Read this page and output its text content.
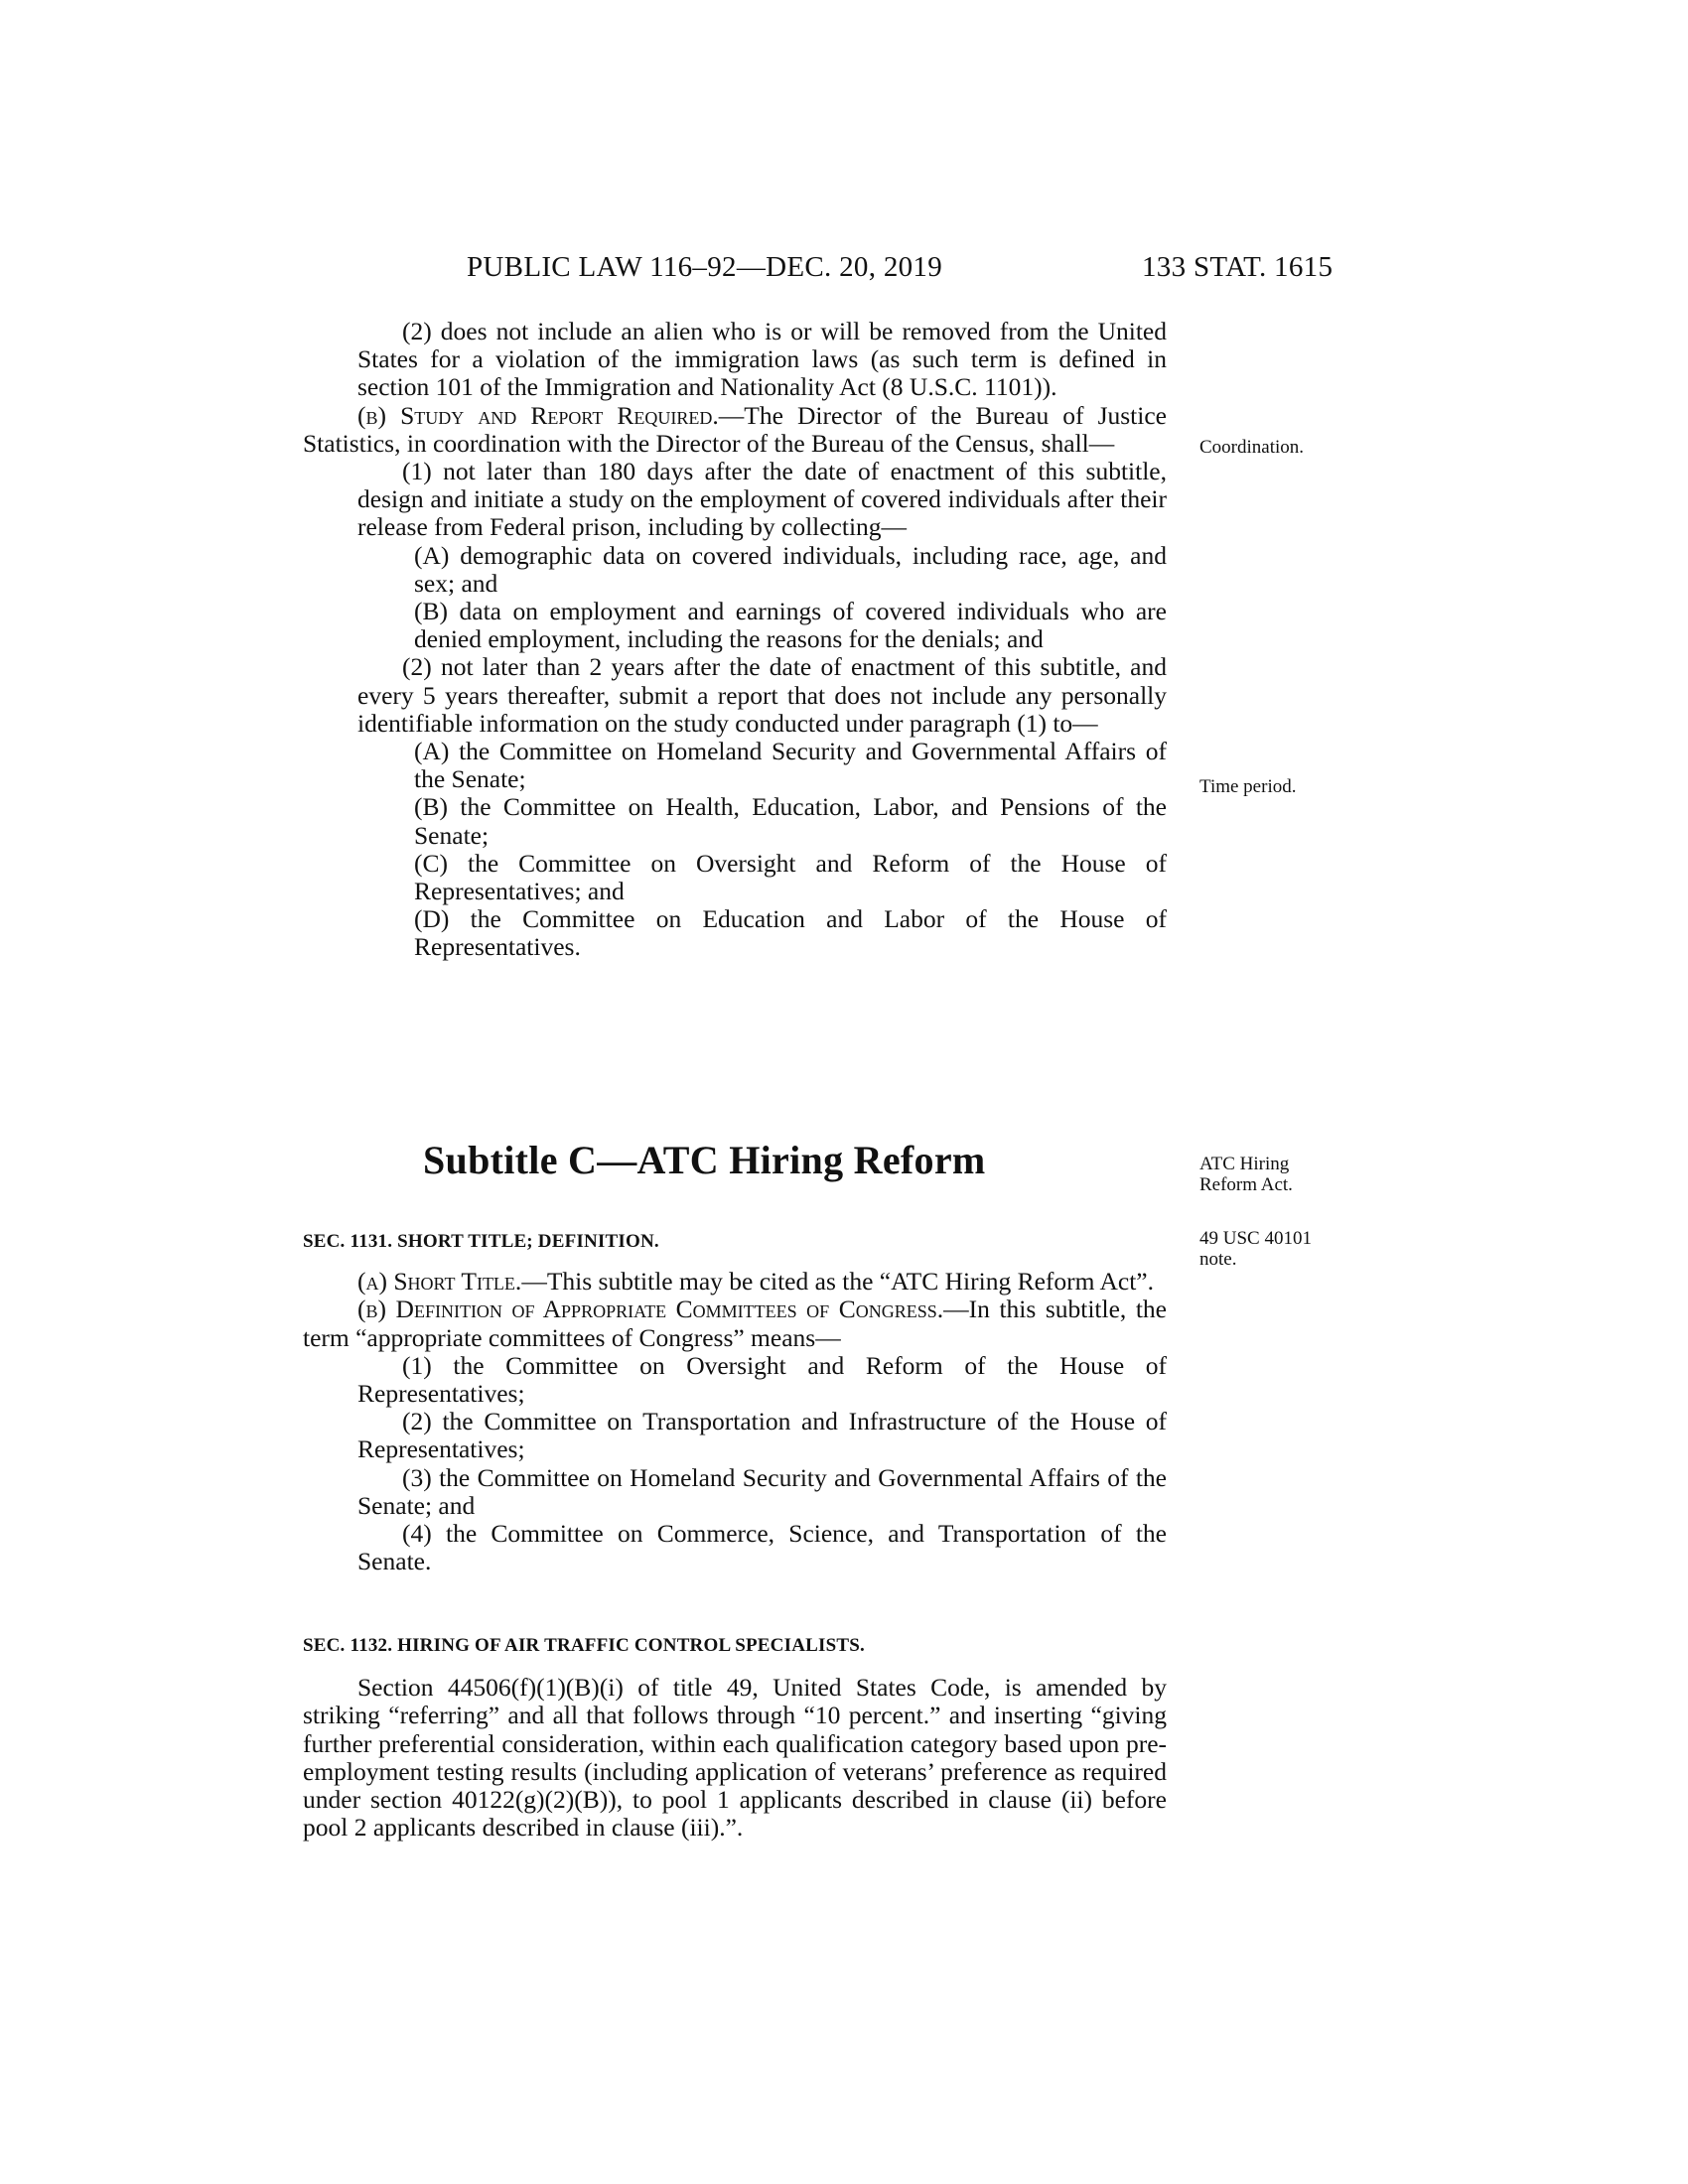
PUBLIC LAW 116–92—DEC. 20, 2019	133 STAT. 1615

(2) does not include an alien who is or will be removed from the United States for a violation of the immigration laws (as such term is defined in section 101 of the Immigration and Nationality Act (8 U.S.C. 1101)).

(b) Study and Report Required.—The Director of the Bureau of Justice Statistics, in coordination with the Director of the Bureau of the Census, shall—

(1) not later than 180 days after the date of enactment of this subtitle, design and initiate a study on the employment of covered individuals after their release from Federal prison, including by collecting—

(A) demographic data on covered individuals, including race, age, and sex; and

(B) data on employment and earnings of covered individuals who are denied employment, including the reasons for the denials; and

(2) not later than 2 years after the date of enactment of this subtitle, and every 5 years thereafter, submit a report that does not include any personally identifiable information on the study conducted under paragraph (1) to—

(A) the Committee on Homeland Security and Governmental Affairs of the Senate;

(B) the Committee on Health, Education, Labor, and Pensions of the Senate;

(C) the Committee on Oversight and Reform of the House of Representatives; and

(D) the Committee on Education and Labor of the House of Representatives.

Subtitle C—ATC Hiring Reform

SEC. 1131. SHORT TITLE; DEFINITION.

(a) Short Title.—This subtitle may be cited as the “ATC Hiring Reform Act”.

(b) Definition of Appropriate Committees of Congress.—In this subtitle, the term “appropriate committees of Congress” means—

(1) the Committee on Oversight and Reform of the House of Representatives;

(2) the Committee on Transportation and Infrastructure of the House of Representatives;

(3) the Committee on Homeland Security and Governmental Affairs of the Senate; and

(4) the Committee on Commerce, Science, and Transportation of the Senate.

SEC. 1132. HIRING OF AIR TRAFFIC CONTROL SPECIALISTS.

Section 44506(f)(1)(B)(i) of title 49, United States Code, is amended by striking “referring” and all that follows through “10 percent.” and inserting “giving further preferential consideration, within each qualification category based upon pre-employment testing results (including application of veterans’ preference as required under section 40122(g)(2)(B)), to pool 1 applicants described in clause (ii) before pool 2 applicants described in clause (iii).”.

Coordination.
Time period.
ATC Hiring
Reform Act.
49 USC 40101
note.
